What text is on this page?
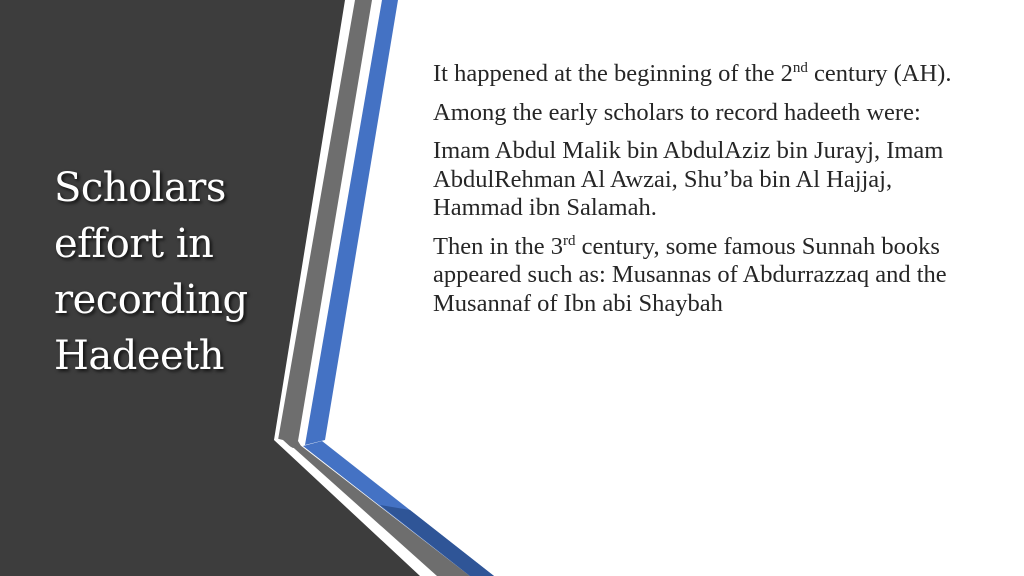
Scholars
effort in
recording
Hadeeth

It happened at the beginning of the 2nd century (AH).

Among the early scholars to record hadeeth were:

Imam Abdul Malik bin AbdulAziz bin Jurayj, Imam AbdulRehman Al Awzai, Shu’ba bin Al Hajjaj, Hammad ibn Salamah.

Then in the 3rd century, some famous Sunnah books appeared such as: Musannas of Abdurrazzaq and the Musannaf of Ibn abi Shaybah
